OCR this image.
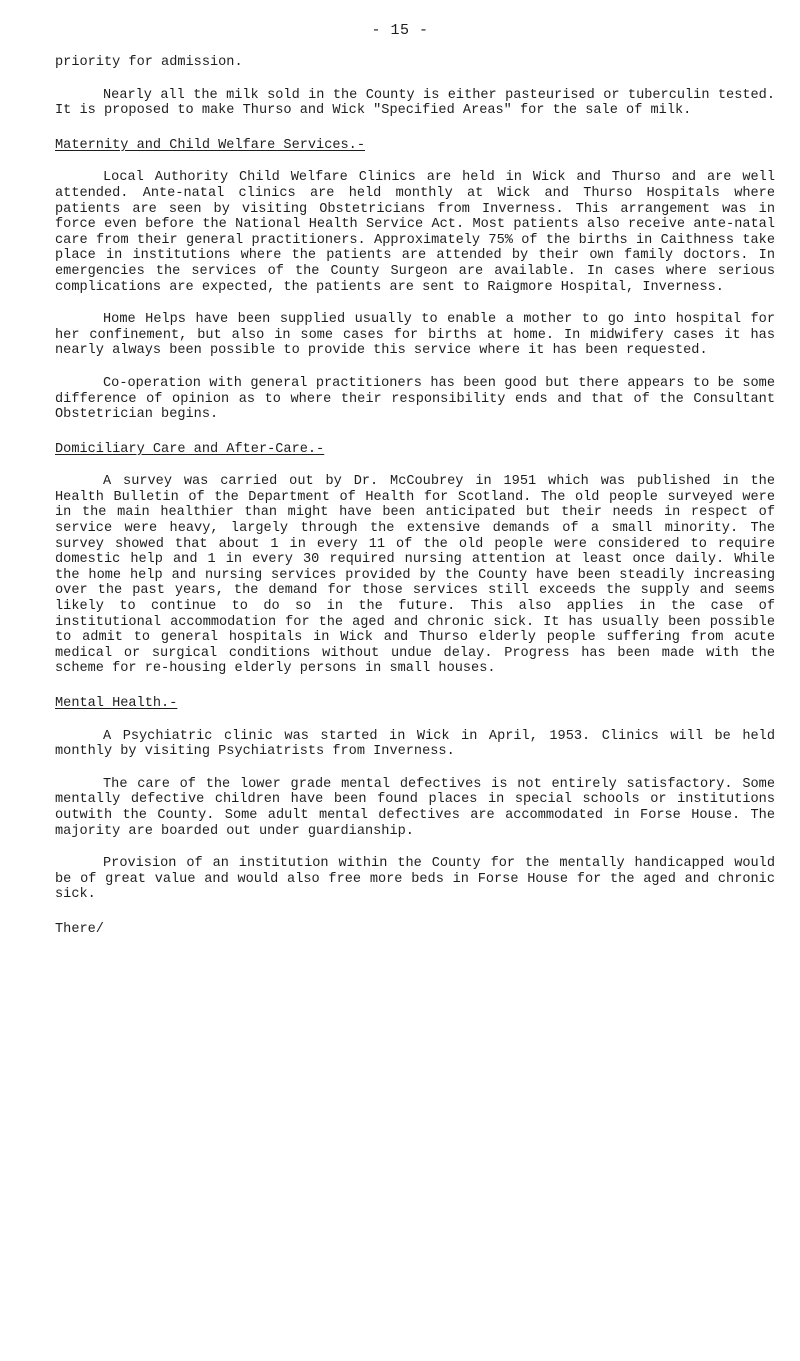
- 15 -

priority for admission.

Nearly all the milk sold in the County is either pasteurised or tuberculin tested. It is proposed to make Thurso and Wick "Specified Areas" for the sale of milk.

Maternity and Child Welfare Services.-

Local Authority Child Welfare Clinics are held in Wick and Thurso and are well attended. Ante-natal clinics are held monthly at Wick and Thurso Hospitals where patients are seen by visiting Obstetricians from Inverness. This arrangement was in force even before the National Health Service Act. Most patients also receive ante-natal care from their general practitioners. Approximately 75% of the births in Caithness take place in institutions where the patients are attended by their own family doctors. In emergencies the services of the County Surgeon are available. In cases where serious complications are expected, the patients are sent to Raigmore Hospital, Inverness.

Home Helps have been supplied usually to enable a mother to go into hospital for her confinement, but also in some cases for births at home. In midwifery cases it has nearly always been possible to provide this service where it has been requested.

Co-operation with general practitioners has been good but there appears to be some difference of opinion as to where their responsibility ends and that of the Consultant Obstetrician begins.

Domiciliary Care and After-Care.-

A survey was carried out by Dr. McCoubrey in 1951 which was published in the Health Bulletin of the Department of Health for Scotland. The old people surveyed were in the main healthier than might have been anticipated but their needs in respect of service were heavy, largely through the extensive demands of a small minority. The survey showed that about 1 in every 11 of the old people were considered to require domestic help and 1 in every 30 required nursing attention at least once daily. While the home help and nursing services provided by the County have been steadily increasing over the past years, the demand for those services still exceeds the supply and seems likely to continue to do so in the future. This also applies in the case of institutional accommodation for the aged and chronic sick. It has usually been possible to admit to general hospitals in Wick and Thurso elderly people suffering from acute medical or surgical conditions without undue delay. Progress has been made with the scheme for re-housing elderly persons in small houses.

Mental Health.-

A Psychiatric clinic was started in Wick in April, 1953. Clinics will be held monthly by visiting Psychiatrists from Inverness.

The care of the lower grade mental defectives is not entirely satisfactory. Some mentally defective children have been found places in special schools or institutions outwith the County. Some adult mental defectives are accommodated in Forse House. The majority are boarded out under guardianship.

Provision of an institution within the County for the mentally handicapped would be of great value and would also free more beds in Forse House for the aged and chronic sick.

There/
